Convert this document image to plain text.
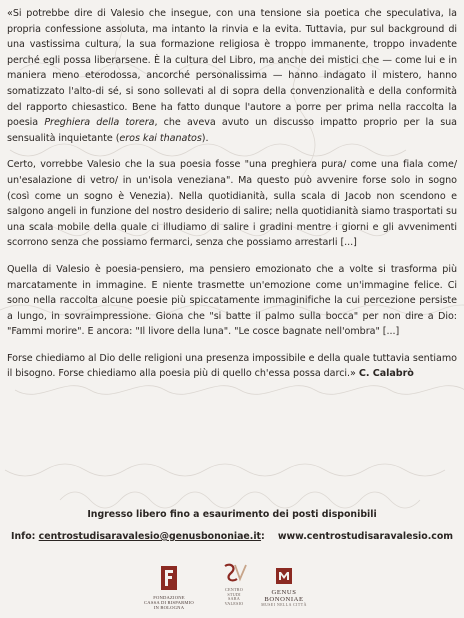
«Si potrebbe dire di Valesio che insegue, con una tensione sia poetica che speculativa, la propria confessione assoluta, ma intanto la rinvia e la evita. Tuttavia, pur sul background di una vastissima cultura, la sua formazione religiosa è troppo immanente, troppo invadente perché egli possa liberarsene. È la cultura del Libro, ma anche dei mistici che — come lui e in maniera meno eterodossa, ancorché personalissima — hanno indagato il mistero, hanno somatizzato l'alto-di sé, si sono sollevati al di sopra della convenzionalità e della conformità del rapporto chiesastico. Bene ha fatto dunque l'autore a porre per prima nella raccolta la poesia Preghiera della torera, che aveva avuto un discusso impatto proprio per la sua sensualità inquietante (eros kai thanatos).

Certo, vorrebbe Valesio che la sua poesia fosse "una preghiera pura/ come una fiala come/ un'esalazione di vetro/ in un'isola veneziana". Ma questo può avvenire forse solo in sogno (così come un sogno è Venezia). Nella quotidianità, sulla scala di Jacob non scendono e salgono angeli in funzione del nostro desiderio di salire; nella quotidianità siamo trasportati su una scala mobile della quale ci illudiamo di salire i gradini mentre i giorni e gli avvenimenti scorrono senza che possiamo fermarci, senza che possiamo arrestarli [...]

Quella di Valesio è poesia-pensiero, ma pensiero emozionato che a volte si trasforma più marcatamente in immagine. E niente trasmette un'emozione come un'immagine felice. Ci sono nella raccolta alcune poesie più spiccatamente immaginifiche la cui percezione persiste a lungo, in sovraimpressione. Giona che "si batte il palmo sulla bocca" per non dire a Dio: "Fammi morire". E ancora: "Il livore della luna". "Le cosce bagnate nell'ombra" [...]

Forse chiediamo al Dio delle religioni una presenza impossibile e della quale tuttavia sentiamo il bisogno. Forse chiediamo alla poesia più di quello ch'essa possa darci.» C. Calabrò

Ingresso libero fino a esaurimento dei posti disponibili
Info: centrostudisaravalesio@genusbononiae.it: www.centrostudisaravalesio.com
FONDAZIONE
CASSA DI RISPARMIO
IN BOLOGNA
CENTRO
STUDI
SARA
VALESIO
GENUS BONONIAE
MUSEI NELLA CITTÀ
